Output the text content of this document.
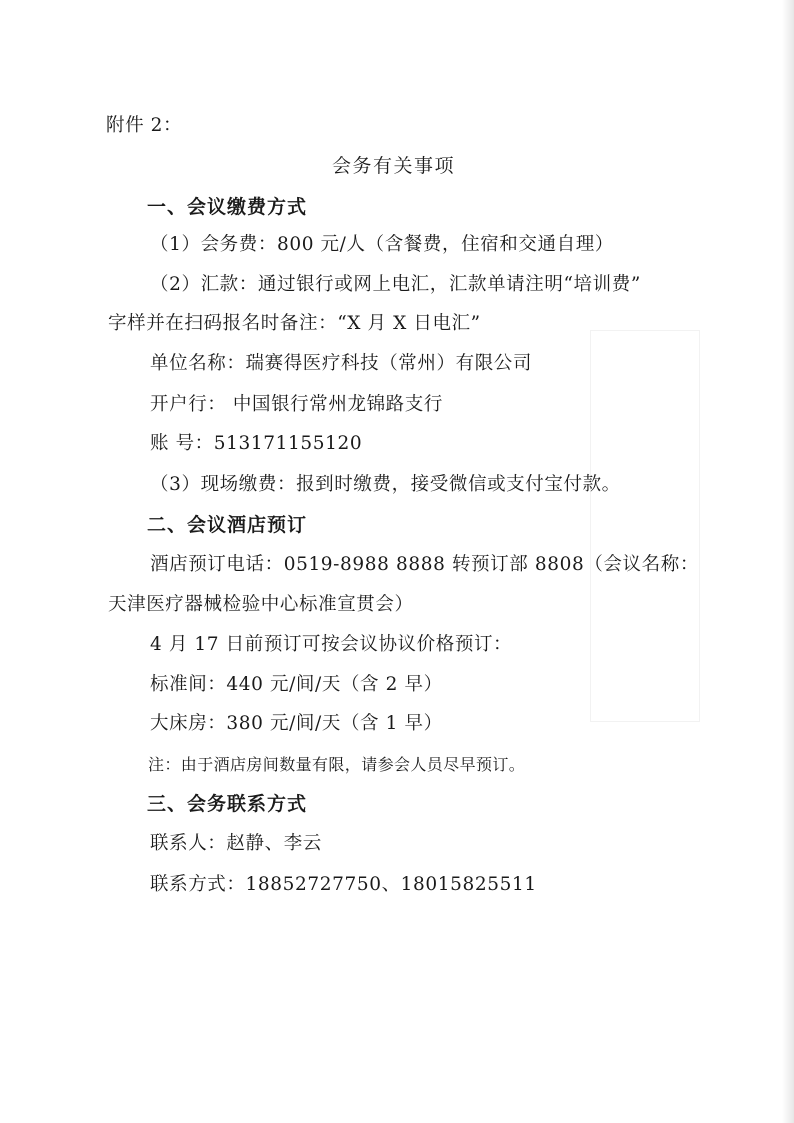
附件 2：
会务有关事项
一、会议缴费方式
（1）会务费：800 元/人（含餐费，住宿和交通自理）
（2）汇款：通过银行或网上电汇，汇款单请注明“培训费”
字样并在扫码报名时备注：“X 月 X 日电汇”
单位名称：瑞赛得医疗科技（常州）有限公司
开户行： 中国银行常州龙锦路支行
账 号：513171155120
（3）现场缴费：报到时缴费，接受微信或支付宝付款。
二、会议酒店预订
酒店预订电话：0519-8988 8888 转预订部 8808（会议名称：
天津医疗器械检验中心标准宣贯会）
4 月 17 日前预订可按会议协议价格预订：
标准间：440 元/间/天（含 2 早）
大床房：380 元/间/天（含 1 早）
注：由于酒店房间数量有限，请参会人员尽早预订。
三、会务联系方式
联系人：赵静、李云
联系方式：18852727750、18015825511
